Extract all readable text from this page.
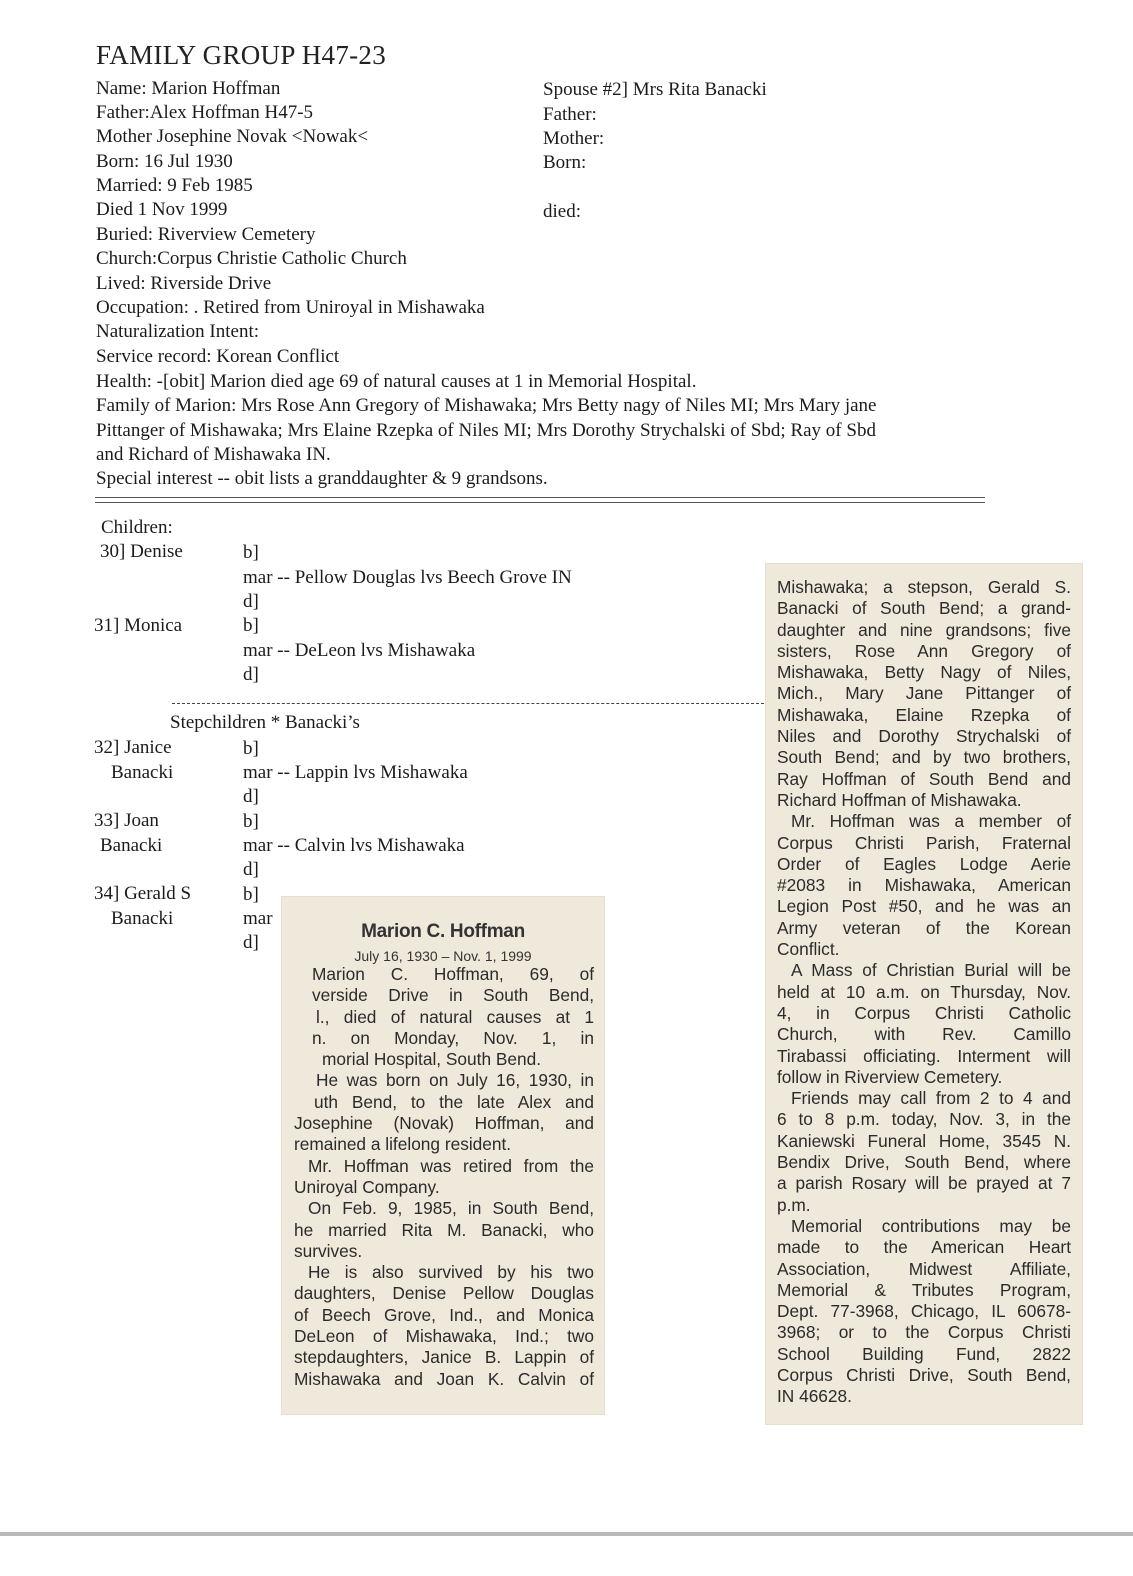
FAMILY GROUP H47-23
Name: Marion Hoffman
Father:Alex Hoffman H47-5
Mother Josephine Novak <Nowak<
Born: 16 Jul 1930
Married: 9 Feb 1985
Died 1 Nov 1999
Buried: Riverview Cemetery
Church:Corpus Christie Catholic Church
Lived: Riverside Drive
Occupation: . Retired from Uniroyal in Mishawaka
Naturalization Intent:
Service record: Korean Conflict
Health: -[obit] Marion died age 69 of natural causes at 1 in Memorial Hospital.
Family of Marion: Mrs Rose Ann Gregory of Mishawaka; Mrs Betty nagy of Niles MI; Mrs Mary jane
Pittanger of Mishawaka; Mrs Elaine Rzepka of Niles MI; Mrs Dorothy Strychalski of Sbd; Ray of Sbd
and Richard of Mishawaka IN.
Special interest -- obit lists a granddaughter & 9 grandsons.
Spouse #2] Mrs Rita Banacki
Father:
Mother:
Born:
died:
Children:
30] Denise	b]
mar -- Pellow Douglas lvs Beech Grove IN
d]
31] Monica	b]
mar -- DeLeon lvs Mishawaka
d]
Stepchildren * Banacki’s
32] Janice
Banacki
b]
mar -- Lappin lvs Mishawaka
d]
33] Joan
Banacki
b]
mar -- Calvin lvs Mishawaka
d]
34] Gerald S
Banacki
b]
mar
d]
Marion C. Hoffman
July 16, 1930 – Nov. 1, 1999
Marion C. Hoffman, 69, of
verside Drive in South Bend,
l., died of natural causes at 1
n. on Monday, Nov. 1, in
morial Hospital, South Bend.
He was born on July 16, 1930, in
uth Bend, to the late Alex and
Josephine (Novak) Hoffman, and
remained a lifelong resident.
Mr. Hoffman was retired from the
Uniroyal Company.
On Feb. 9, 1985, in South Bend,
he married Rita M. Banacki, who
survives.
He is also survived by his two
daughters, Denise Pellow Douglas
of Beech Grove, Ind., and Monica
DeLeon of Mishawaka, Ind.; two
stepdaughters, Janice B. Lappin of
Mishawaka and Joan K. Calvin of
Mishawaka; a stepson, Gerald S.
Banacki of South Bend; a grand-
daughter and nine grandsons; five
sisters, Rose Ann Gregory of
Mishawaka, Betty Nagy of Niles,
Mich., Mary Jane Pittanger of
Mishawaka, Elaine Rzepka of
Niles and Dorothy Strychalski of
South Bend; and by two brothers,
Ray Hoffman of South Bend and
Richard Hoffman of Mishawaka.
Mr. Hoffman was a member of
Corpus Christi Parish, Fraternal
Order of Eagles Lodge Aerie
#2083 in Mishawaka, American
Legion Post #50, and he was an
Army veteran of the Korean
Conflict.
A Mass of Christian Burial will be
held at 10 a.m. on Thursday, Nov.
4, in Corpus Christi Catholic
Church, with Rev. Camillo
Tirabassi officiating. Interment will
follow in Riverview Cemetery.
Friends may call from 2 to 4 and
6 to 8 p.m. today, Nov. 3, in the
Kaniewski Funeral Home, 3545 N.
Bendix Drive, South Bend, where
a parish Rosary will be prayed at 7
p.m.
Memorial contributions may be
made to the American Heart
Association, Midwest Affiliate,
Memorial & Tributes Program,
Dept. 77-3968, Chicago, IL 60678-
3968; or to the Corpus Christi
School Building Fund, 2822
Corpus Christi Drive, South Bend,
IN 46628.
